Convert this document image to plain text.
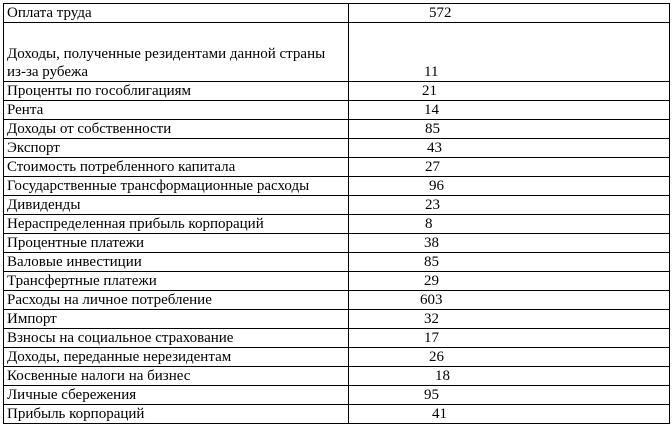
Оплата труда	572
Доходы, полученные резидентами данной страны	
из-за рубежа	11
Проценты по гособлигациям	21
Рента	14
Доходы от собственности	85
Экспорт	43
Стоимость потребленного капитала	27
Государственные трансформационные расходы	96
Дивиденды	23
Нераспределенная прибыль корпораций	8
Процентные платежи	38
Валовые инвестиции	85
Трансфертные платежи	29
Расходы на личное потребление	603
Импорт	32
Взносы на социальное страхование	17
Доходы, переданные нерезидентам	26
Косвенные налоги на бизнес	18
Личные сбережения	95
Прибыль корпораций	41
